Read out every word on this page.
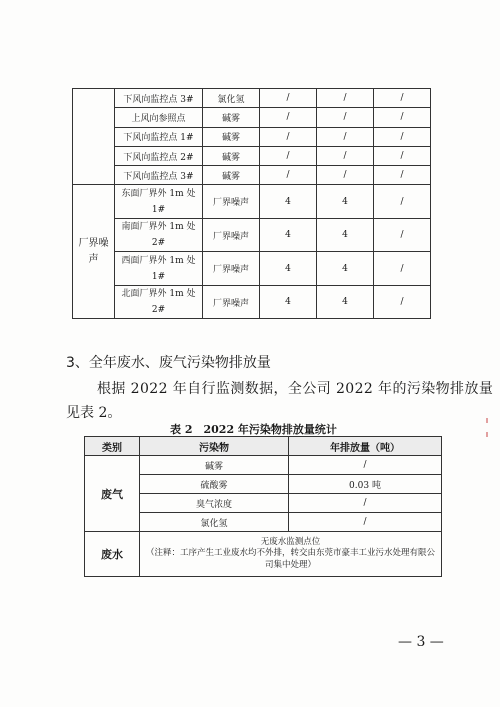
	下风向监控点 3#	氯化氢	/	/	/
	上风向参照点	碱雾	/	/	/
	下风向监控点 1#	碱雾	/	/	/
	下风向监控点 2#	碱雾	/	/	/
	下风向监控点 3#	碱雾	/	/	/
厂界噪声	东面厂界外 1m 处 1#	厂界噪声	4	4	/
	南面厂界外 1m 处 2#	厂界噪声	4	4	/
	西面厂界外 1m 处 1#	厂界噪声	4	4	/
	北面厂界外 1m 处 2#	厂界噪声	4	4	/
3、全年废水、废气污染物排放量
根据 2022 年自行监测数据，全公司 2022 年的污染物排放量
见表 2。
表 2　2022 年污染物排放量统计
类别	污染物	年排放量（吨）
废气	碱雾	/
	硫酸雾	0.03 吨
	臭气浓度	/
	氯化氢	/
废水	无废水监测点位
（注释：工序产生工业废水均不外排，转交由东莞市豪丰工业污水处理有限公司集中处理）	
— 3 —
